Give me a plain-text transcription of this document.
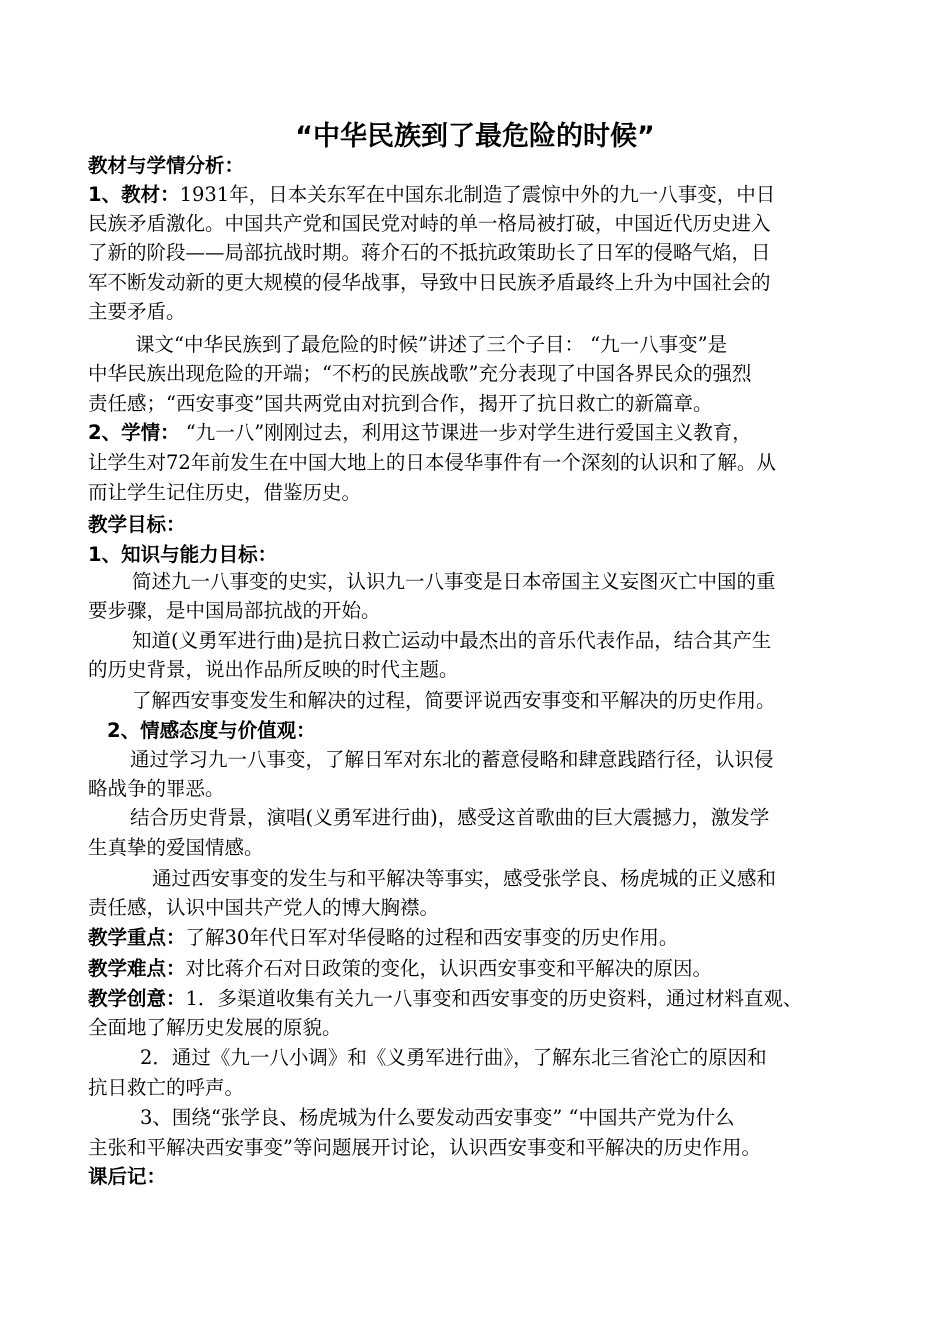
“中华民族到了最危险的时候”
教材与学情分析：
1、教材：1931年，日本关东军在中国东北制造了震惊中外的九一八事变，中日
民族矛盾激化。中国共产党和国民党对峙的单一格局被打破，中国近代历史进入
了新的阶段——局部抗战时期。蒋介石的不抵抗政策助长了日军的侵略气焰，日
军不断发动新的更大规模的侵华战事，导致中日民族矛盾最终上升为中国社会的
主要矛盾。
课文“中华民族到了最危险的时候”讲述了三个子目： “九一八事变”是
中华民族出现危险的开端；“不朽的民族战歌”充分表现了中国各界民众的强烈
责任感；“西安事变”国共两党由对抗到合作，揭开了抗日救亡的新篇章。
2、学情： “九一八”刚刚过去，利用这节课进一步对学生进行爱国主义教育，
让学生对72年前发生在中国大地上的日本侵华事件有一个深刻的认识和了解。从
而让学生记住历史，借鉴历史。
教学目标：
1、知识与能力目标：
简述九一八事变的史实，认识九一八事变是日本帝国主义妄图灭亡中国的重
要步骤，是中国局部抗战的开始。
知道(义勇军进行曲)是抗日救亡运动中最杰出的音乐代表作品，结合其产生
的历史背景，说出作品所反映的时代主题。
了解西安事变发生和解决的过程，简要评说西安事变和平解决的历史作用。
2、情感态度与价值观：
通过学习九一八事变，了解日军对东北的蓄意侵略和肆意践踏行径，认识侵
略战争的罪恶。
结合历史背景，演唱(义勇军进行曲)，感受这首歌曲的巨大震撼力，激发学
生真挚的爱国情感。
通过西安事变的发生与和平解决等事实，感受张学良、杨虎城的正义感和
责任感，认识中国共产党人的博大胸襟。
教学重点：了解30年代日军对华侵略的过程和西安事变的历史作用。
教学难点：对比蒋介石对日政策的变化，认识西安事变和平解决的原因。
教学创意：1．多渠道收集有关九一八事变和西安事变的历史资料，通过材料直观、
全面地了解历史发展的原貌。
2．通过《九一八小调》和《义勇军进行曲》，了解东北三省沦亡的原因和
抗日救亡的呼声。
3、围绕“张学良、杨虎城为什么要发动西安事变” “中国共产党为什么
主张和平解决西安事变”等问题展开讨论，认识西安事变和平解决的历史作用。
课后记：
